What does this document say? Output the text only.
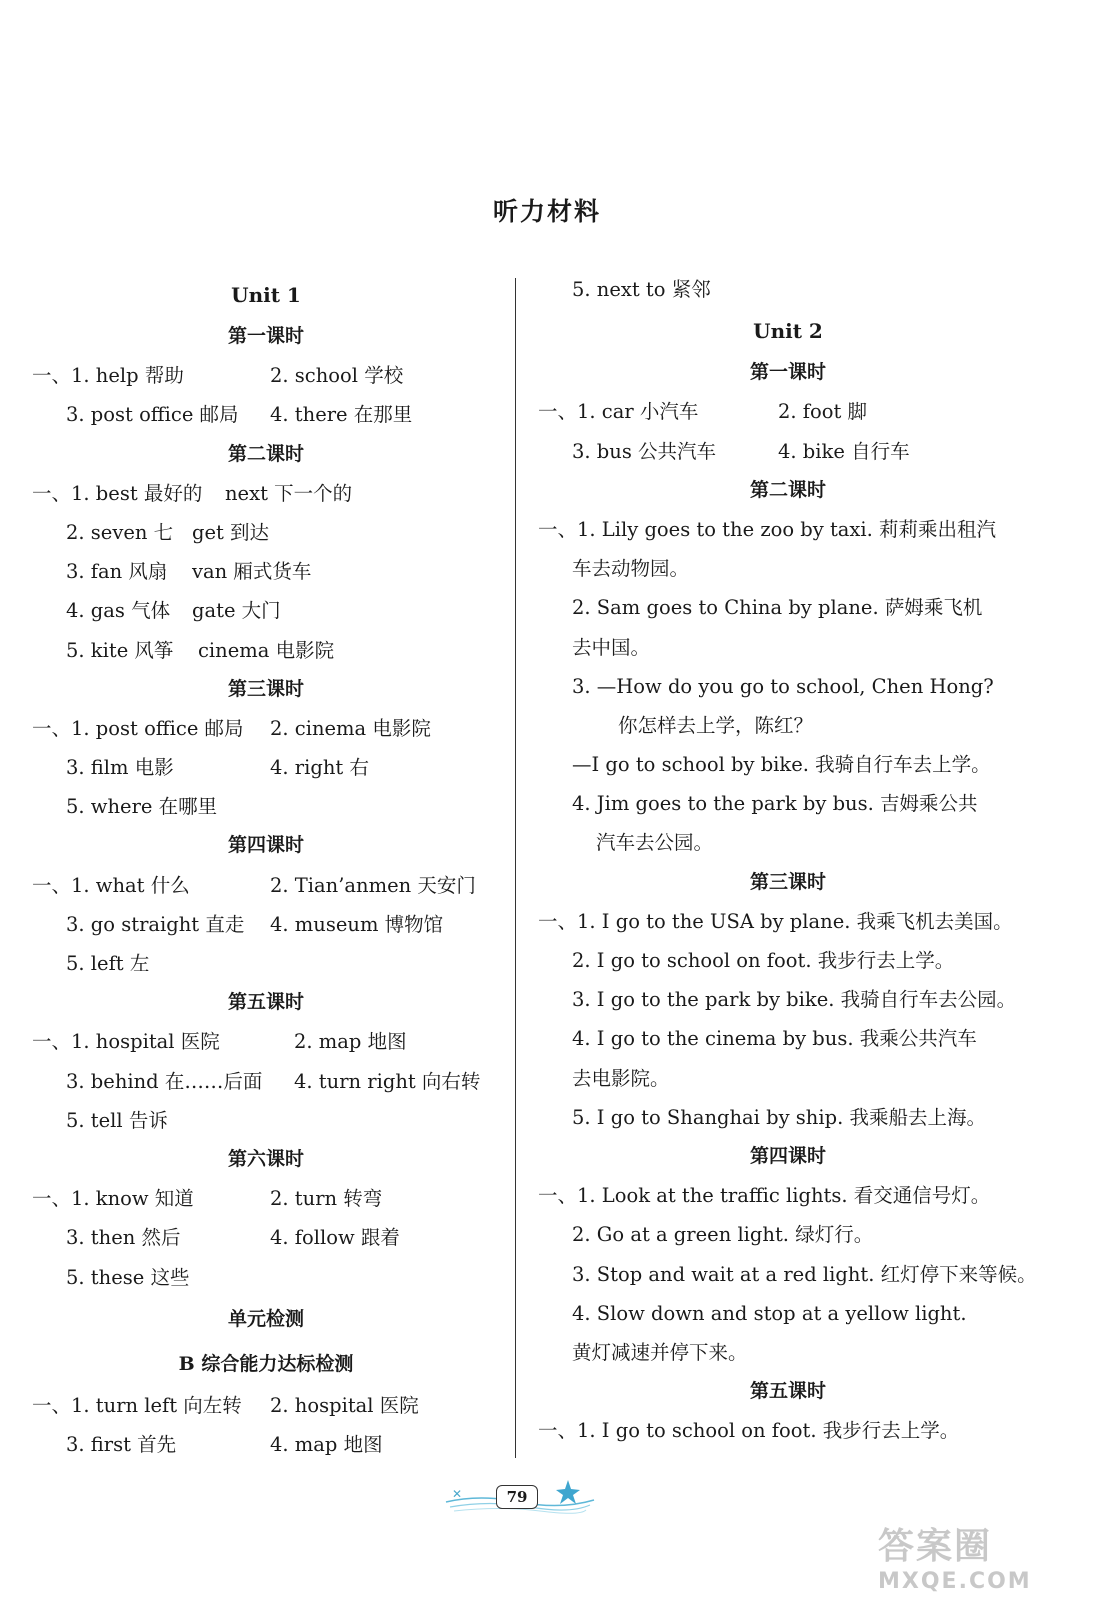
听力材料
Unit 1
第一课时
一、1. help 帮助	2. school 学校
3. post office 邮局 4. there 在那里
第二课时
一、1. best 最好的 next 下一个的
2. seven 七 get 到达
3. fan 风扇 van 厢式货车
4. gas 气体 gate 大门
5. kite 风筝 cinema 电影院
第三课时
一、1. post office 邮局 2. cinema 电影院
3. film 电影	4. right 右
5. where 在哪里
第四课时
一、1. what 什么	2. Tian’anmen 天安门
3. go straight 直走 4. museum 博物馆
5. left 左
第五课时
一、1. hospital 医院	2. map 地图
3. behind 在……后面 4. turn right 向右转
5. tell 告诉
第六课时
一、1. know 知道	2. turn 转弯
3. then 然后	4. follow 跟着
5. these 这些
单元检测
B 综合能力达标检测
一、1. turn left 向左转 2. hospital 医院
3. first 首先	4. map 地图
5. next to 紧邻
Unit 2
第一课时
一、1. car 小汽车	2. foot 脚
3. bus 公共汽车	4. bike 自行车
第二课时
一、1. Lily goes to the zoo by taxi. 莉莉乘出租汽
车去动物园。
2. Sam goes to China by plane. 萨姆乘飞机
去中国。
3. —How do you go to school, Chen Hong?
你怎样去上学，陈红？
—I go to school by bike. 我骑自行车去上学。
4. Jim goes to the park by bus. 吉姆乘公共
汽车去公园。
第三课时
一、1. I go to the USA by plane. 我乘飞机去美国。
2. I go to school on foot. 我步行去上学。
3. I go to the park by bike. 我骑自行车去公园。
4. I go to the cinema by bus. 我乘公共汽车
去电影院。
5. I go to Shanghai by ship. 我乘船去上海。
第四课时
一、1. Look at the traffic lights. 看交通信号灯。
2. Go at a green light. 绿灯行。
3. Stop and wait at a red light. 红灯停下来等候。
4. Slow down and stop at a yellow light.
黄灯减速并停下来。
第五课时
一、1. I go to school on foot. 我步行去上学。
✕	79
答案圈
MXQE.COM
